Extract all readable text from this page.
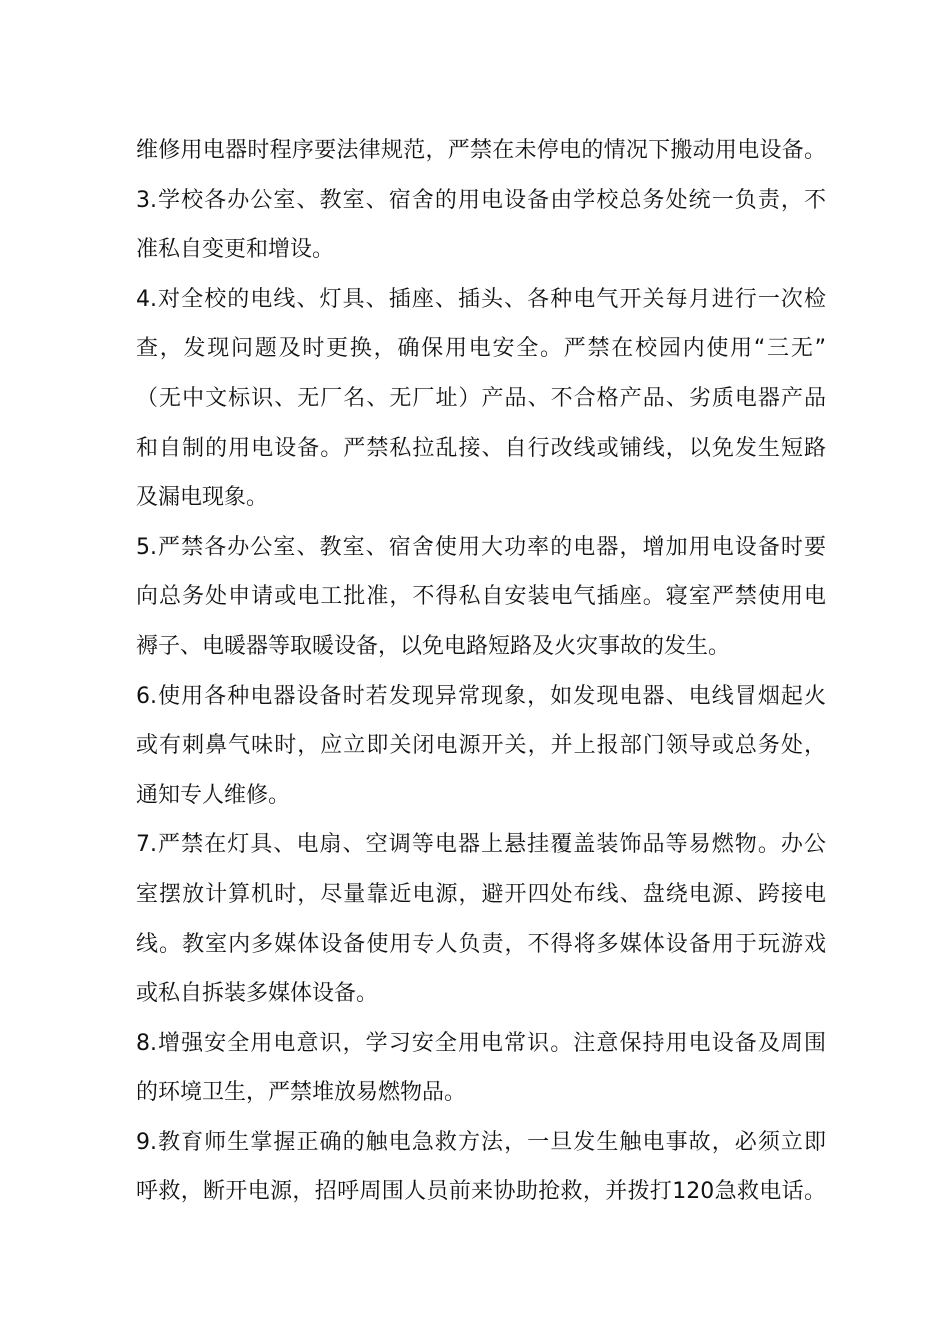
维修用电器时程序要法律规范，严禁在未停电的情况下搬动用电设备。
3.学校各办公室、教室、宿舍的用电设备由学校总务处统一负责，不
准私自变更和增设。
4.对全校的电线、灯具、插座、插头、各种电气开关每月进行一次检
查，发现问题及时更换，确保用电安全。严禁在校园内使用“三无”
（无中文标识、无厂名、无厂址）产品、不合格产品、劣质电器产品
和自制的用电设备。严禁私拉乱接、自行改线或铺线，以免发生短路
及漏电现象。
5.严禁各办公室、教室、宿舍使用大功率的电器，增加用电设备时要
向总务处申请或电工批准，不得私自安装电气插座。寝室严禁使用电
褥子、电暖器等取暖设备，以免电路短路及火灾事故的发生。
6.使用各种电器设备时若发现异常现象，如发现电器、电线冒烟起火
或有刺鼻气味时，应立即关闭电源开关，并上报部门领导或总务处，
通知专人维修。
7.严禁在灯具、电扇、空调等电器上悬挂覆盖装饰品等易燃物。办公
室摆放计算机时，尽量靠近电源，避开四处布线、盘绕电源、跨接电
线。教室内多媒体设备使用专人负责，不得将多媒体设备用于玩游戏
或私自拆装多媒体设备。
8.增强安全用电意识，学习安全用电常识。注意保持用电设备及周围
的环境卫生，严禁堆放易燃物品。
9.教育师生掌握正确的触电急救方法，一旦发生触电事故，必须立即
呼救，断开电源，招呼周围人员前来协助抢救，并拨打120急救电话。
